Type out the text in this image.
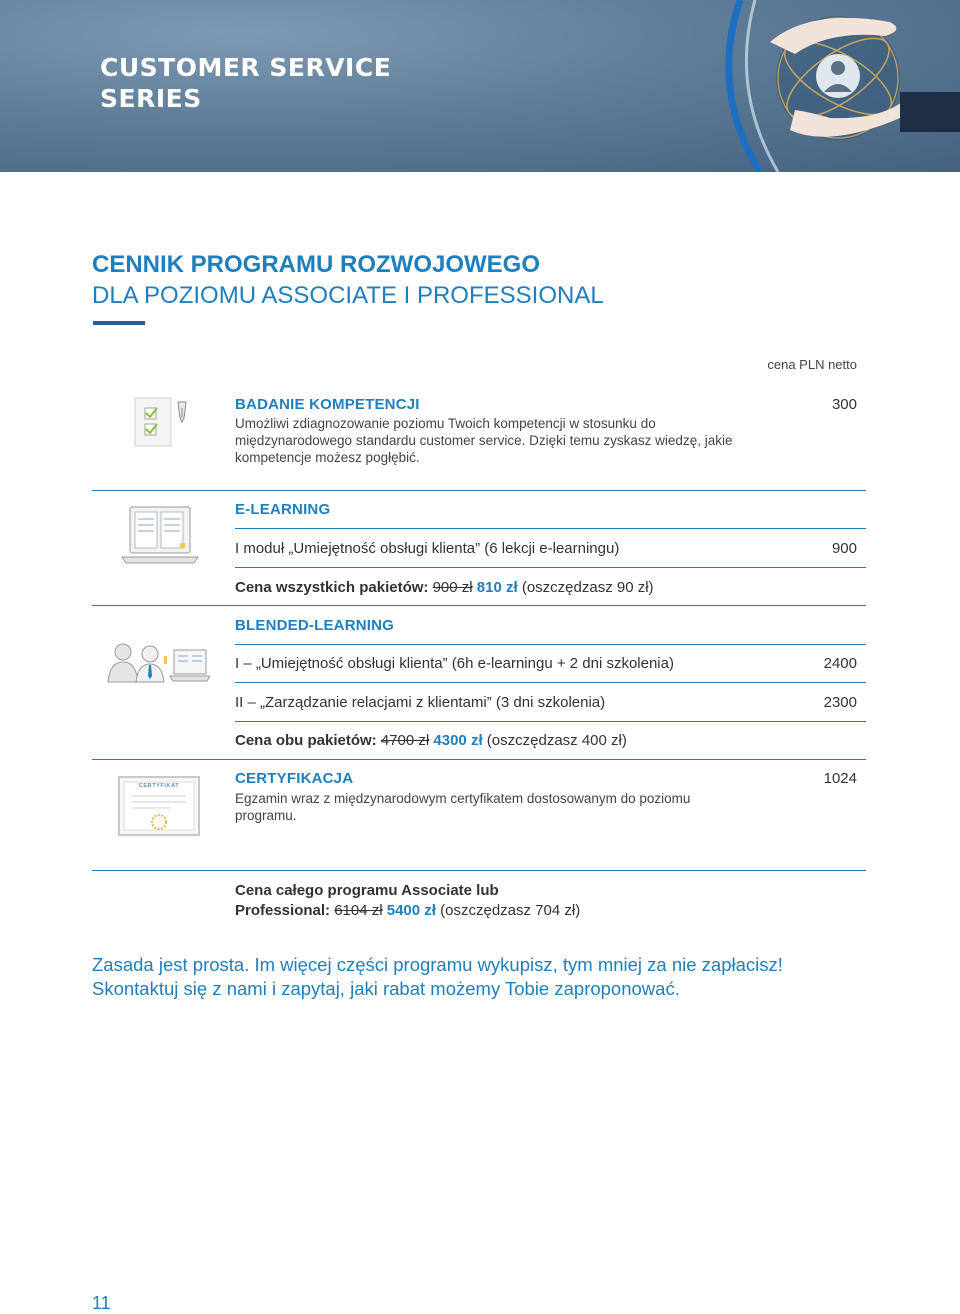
CUSTOMER SERVICE
SERIES
CENNIK PROGRAMU ROZWOJOWEGO
DLA POZIOMU ASSOCIATE I PROFESSIONAL
cena PLN netto
BADANIE KOMPETENCJI
Umożliwi zdiagnozowanie poziomu Twoich kompetencji w stosunku do
międzynarodowego standardu customer service. Dzięki temu zyskasz wiedzę, jakie
kompetencje możesz pogłębić.
300
E-LEARNING
I moduł „Umiejętność obsługi klienta” (6 lekcji e-learningu)	900
Cena wszystkich pakietów: 900 zł 810 zł (oszczędzasz 90 zł)
BLENDED-LEARNING
I – „Umiejętność obsługi klienta” (6h e-learningu + 2 dni szkolenia)	2400
II – „Zarządzanie relacjami z klientami” (3 dni szkolenia)	2300
Cena obu pakietów: 4700 zł 4300 zł (oszczędzasz 400 zł)
CERTYFIKAT	CERTYFIKACJA
Egzamin wraz z międzynarodowym certyfikatem dostosowanym do poziomu
programu.
1024
Cena całego programu Associate lub
Professional: 6104 zł 5400 zł (oszczędzasz 704 zł)
Zasada jest prosta. Im więcej części programu wykupisz, tym mniej za nie zapłacisz!
Skontaktuj się z nami i zapytaj, jaki rabat możemy Tobie zaproponować.
11
